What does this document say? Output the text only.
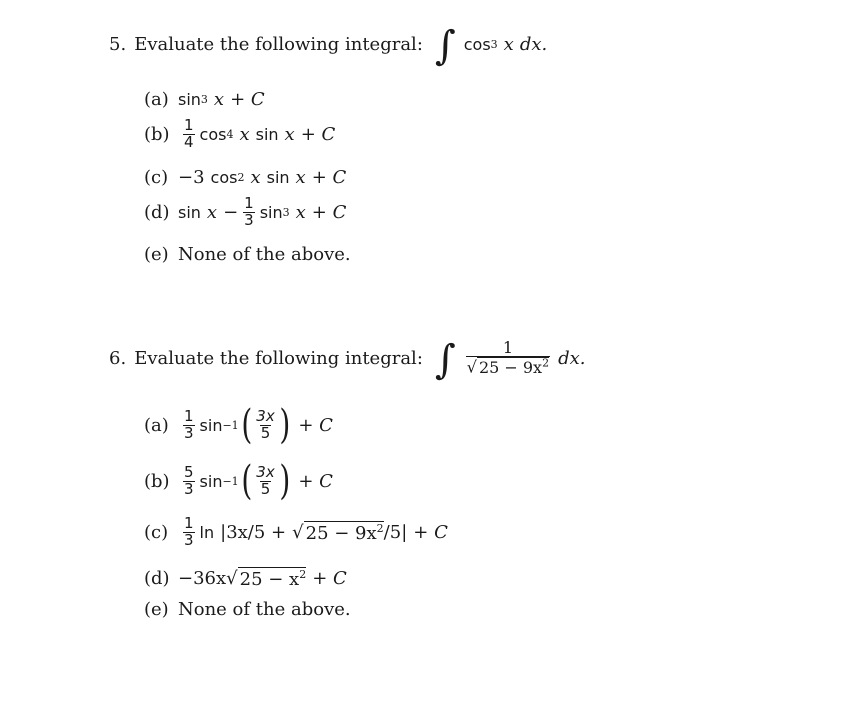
5. Evaluate the following integral: ∫ cos 3 x dx.
(a) sin 3 x + C
$(b) \frac{1}{4}$ cos 4 x sin x + C
(c) −3 cos 2 x sin x + C
(d) $\sin x - \frac{1}{3}$ sin 3 x + C
(e) None of the above.
6. Evaluate the following integral: ∫ $\frac{1}{√ 25 - 9x^2}$ dx.
$(a) \frac{1}{3}$ sin −1 ( $\frac{3x}{5}$ ) + C
$(b) \frac{5}{3}$ sin −1 ( $\frac{3x}{5}$ ) + C
$(c) \frac{1}{3}$ ln |3x/5 + √ $25 - 9x^2$ /5| + C
(d) −36x √ $25 - x^2 + C$
(e) None of the above.
